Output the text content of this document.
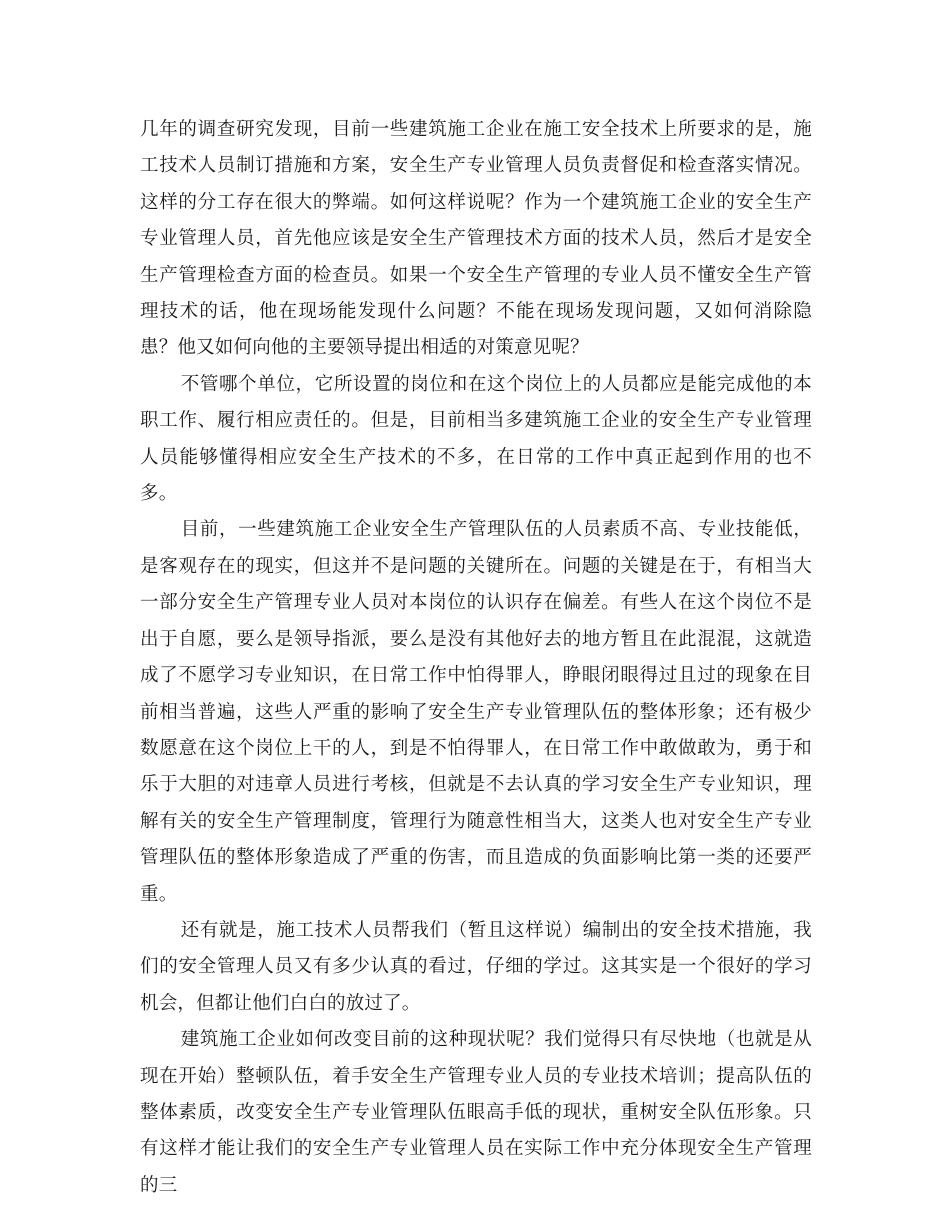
几年的调查研究发现，目前一些建筑施工企业在施工安全技术上所要求的是，施工技术人员制订措施和方案，安全生产专业管理人员负责督促和检查落实情况。这样的分工存在很大的弊端。如何这样说呢？作为一个建筑施工企业的安全生产专业管理人员，首先他应该是安全生产管理技术方面的技术人员，然后才是安全生产管理检查方面的检查员。如果一个安全生产管理的专业人员不懂安全生产管理技术的话，他在现场能发现什么问题？不能在现场发现问题，又如何消除隐患？他又如何向他的主要领导提出相适的对策意见呢？

不管哪个单位，它所设置的岗位和在这个岗位上的人员都应是能完成他的本职工作、履行相应责任的。但是，目前相当多建筑施工企业的安全生产专业管理人员能够懂得相应安全生产技术的不多，在日常的工作中真正起到作用的也不多。

目前，一些建筑施工企业安全生产管理队伍的人员素质不高、专业技能低，是客观存在的现实，但这并不是问题的关键所在。问题的关键是在于，有相当大一部分安全生产管理专业人员对本岗位的认识存在偏差。有些人在这个岗位不是出于自愿，要么是领导指派，要么是没有其他好去的地方暂且在此混混，这就造成了不愿学习专业知识，在日常工作中怕得罪人，睁眼闭眼得过且过的现象在目前相当普遍，这些人严重的影响了安全生产专业管理队伍的整体形象；还有极少数愿意在这个岗位上干的人，到是不怕得罪人，在日常工作中敢做敢为，勇于和乐于大胆的对违章人员进行考核，但就是不去认真的学习安全生产专业知识，理解有关的安全生产管理制度，管理行为随意性相当大，这类人也对安全生产专业管理队伍的整体形象造成了严重的伤害，而且造成的负面影响比第一类的还要严重。

还有就是，施工技术人员帮我们（暂且这样说）编制出的安全技术措施，我们的安全管理人员又有多少认真的看过，仔细的学过。这其实是一个很好的学习机会，但都让他们白白的放过了。

建筑施工企业如何改变目前的这种现状呢？我们觉得只有尽快地（也就是从现在开始）整顿队伍，着手安全生产管理专业人员的专业技术培训；提高队伍的整体素质，改变安全生产专业管理队伍眼高手低的现状，重树安全队伍形象。只有这样才能让我们的安全生产专业管理人员在实际工作中充分体现安全生产管理的三
